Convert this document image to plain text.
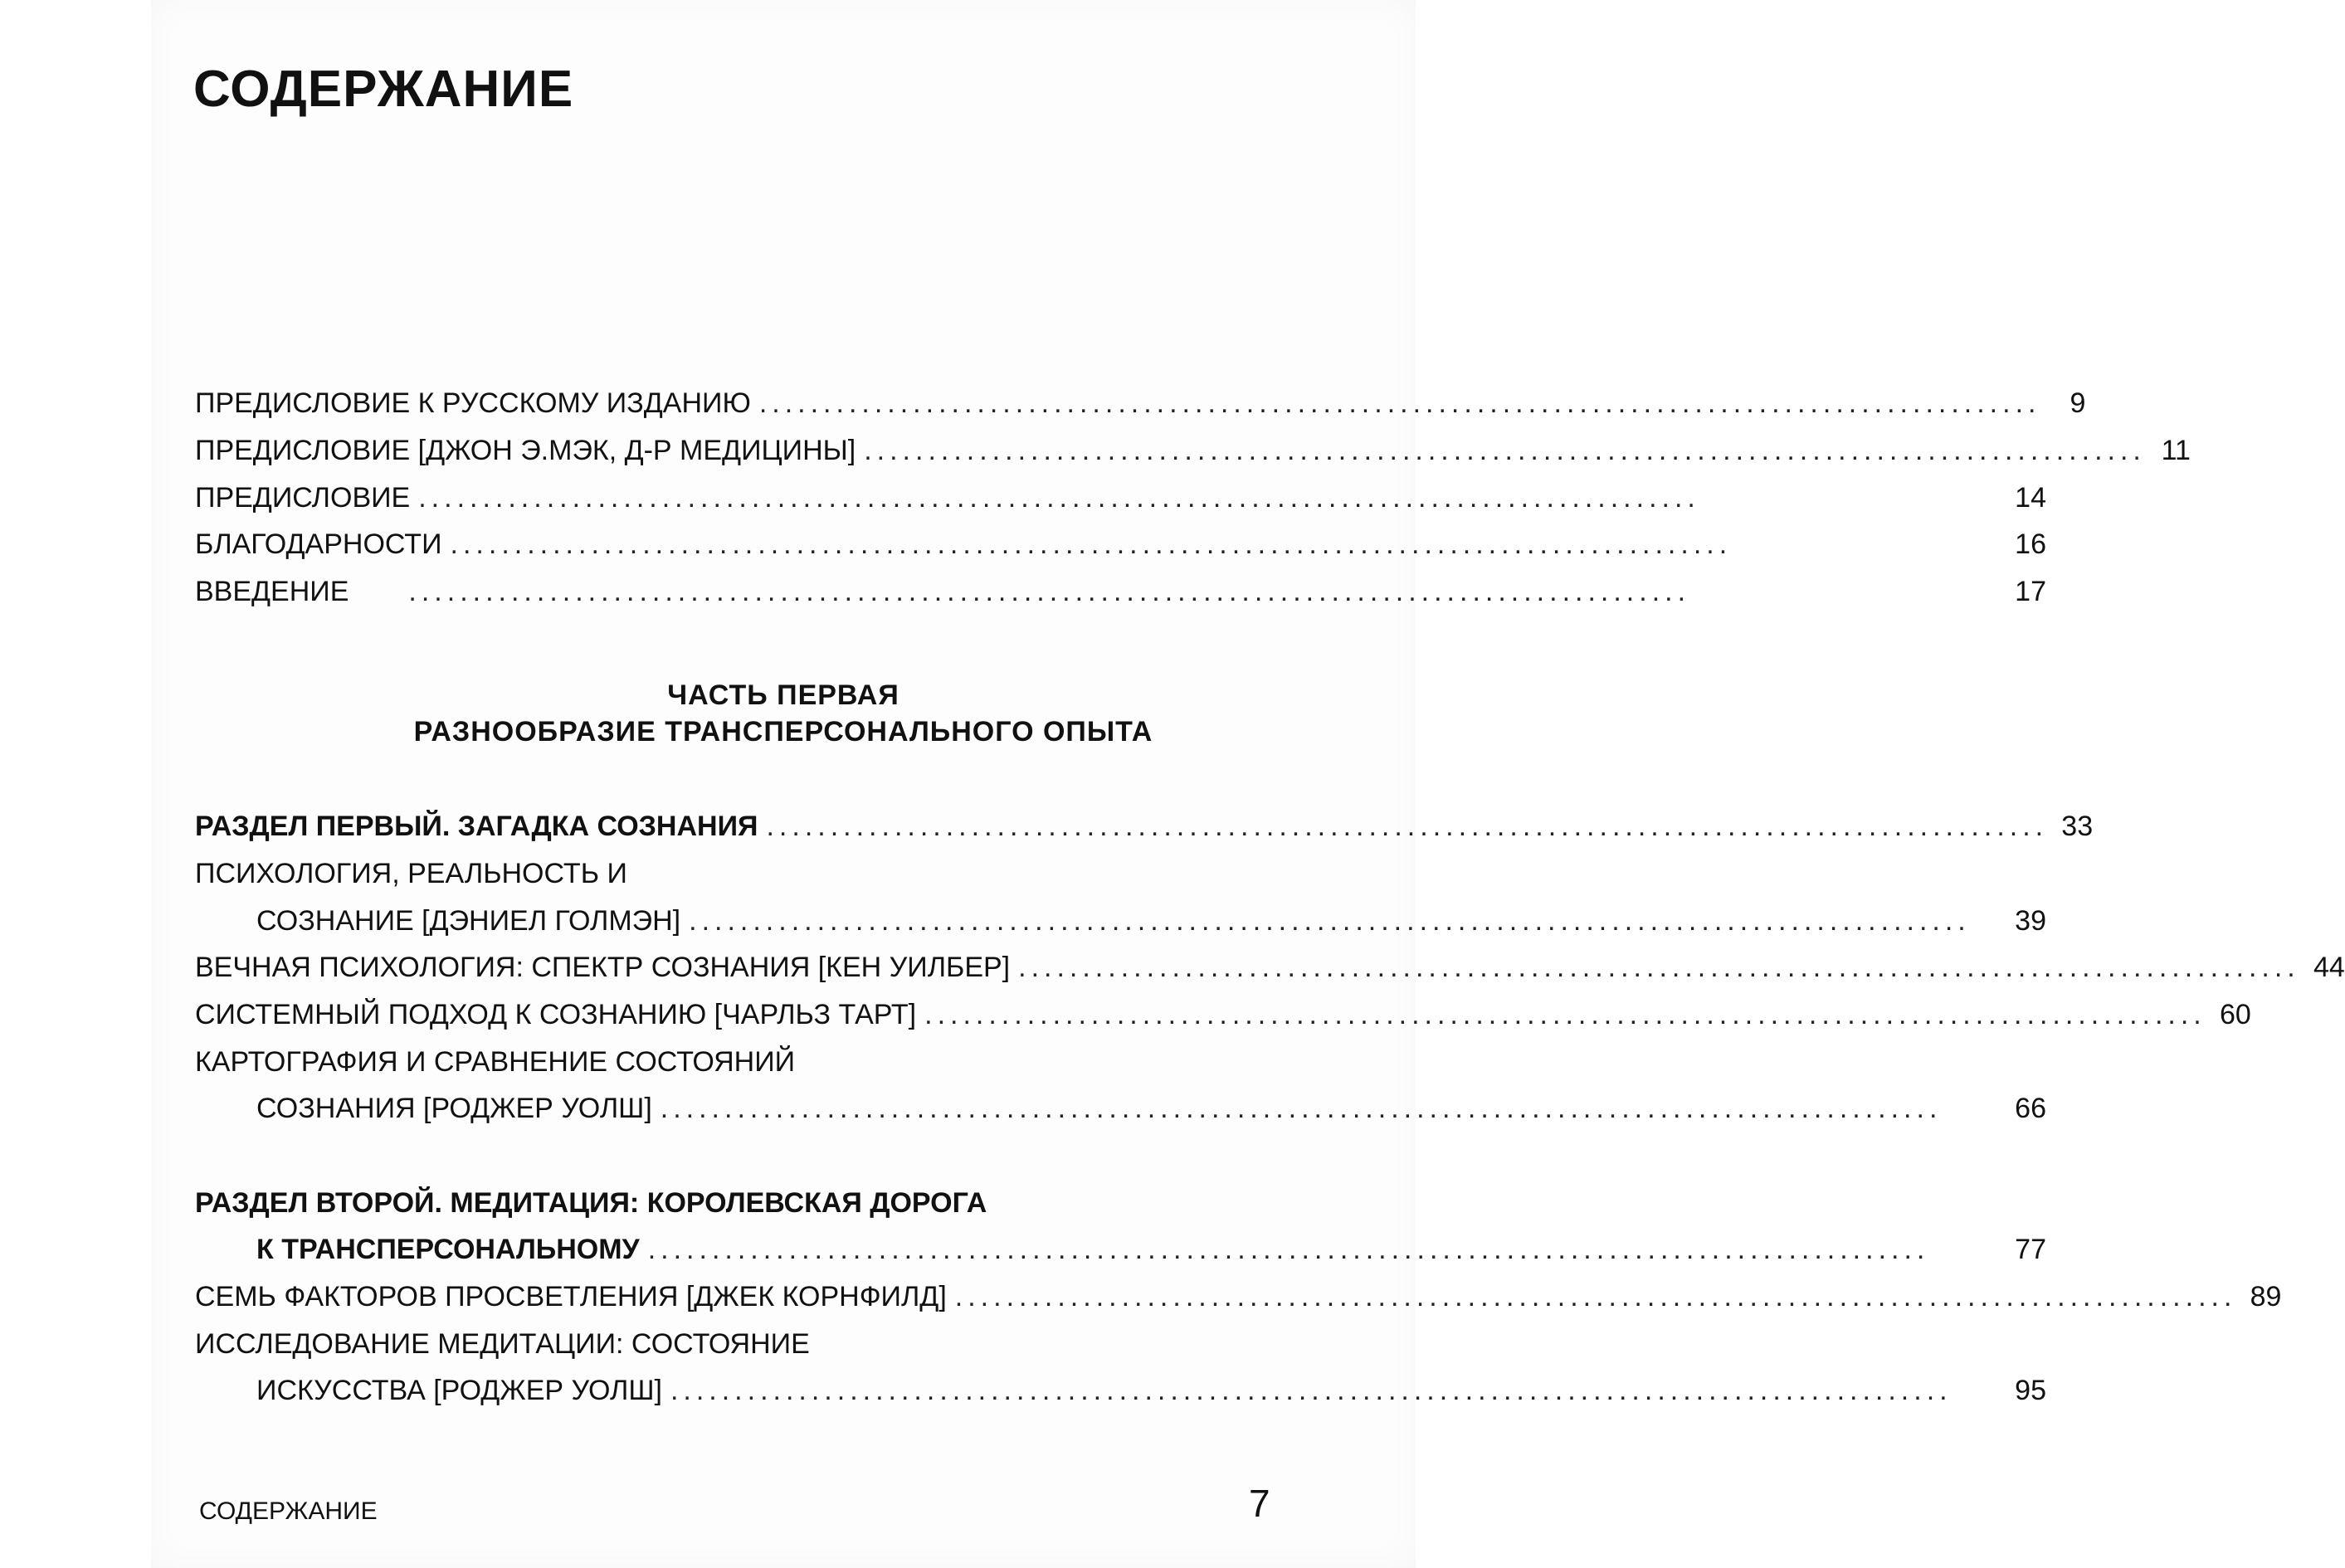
СОДЕРЖАНИЕ
ПРЕДИСЛОВИЕ К РУССКОМУ ИЗДАНИЮ ....................................................................................................	9
ПРЕДИСЛОВИЕ [ДЖОН Э.МЭК, Д-Р МЕДИЦИНЫ] .................................................................................................... 11
ПРЕДИСЛОВИЕ ....................................................................................................	14
БЛАГОДАРНОСТИ ....................................................................................................	16
ВВЕДЕНИЕ ....................................................................................................	17
ЧАСТЬ ПЕРВАЯ
РАЗНООБРАЗИЕ ТРАНСПЕРСОНАЛЬНОГО ОПЫТА
РАЗДЕЛ ПЕРВЫЙ. ЗАГАДКА СОЗНАНИЯ .................................................................................................... 33
ПСИХОЛОГИЯ, РЕАЛЬНОСТЬ И
СОЗНАНИЕ [ДЭНИЕЛ ГОЛМЭН] ....................................................................................................	39
ВЕЧНАЯ ПСИХОЛОГИЯ: СПЕКТР СОЗНАНИЯ [КЕН УИЛБЕР] .................................................................................................... 44
СИСТЕМНЫЙ ПОДХОД К СОЗНАНИЮ [ЧАРЛЬЗ ТАРТ] .................................................................................................... 60
КАРТОГРАФИЯ И СРАВНЕНИЕ СОСТОЯНИЙ
СОЗНАНИЯ [РОДЖЕР УОЛШ] ....................................................................................................	66
РАЗДЕЛ ВТОРОЙ. МЕДИТАЦИЯ: КОРОЛЕВСКАЯ ДОРОГА
К ТРАНСПЕРСОНАЛЬНОМУ ....................................................................................................	77
СЕМЬ ФАКТОРОВ ПРОСВЕТЛЕНИЯ [ДЖЕК КОРНФИЛД] .................................................................................................... 89
ИССЛЕДОВАНИЕ МЕДИТАЦИИ: СОСТОЯНИЕ
ИСКУССТВА [РОДЖЕР УОЛШ] ....................................................................................................	95
СОДЕРЖАНИЕ	7
